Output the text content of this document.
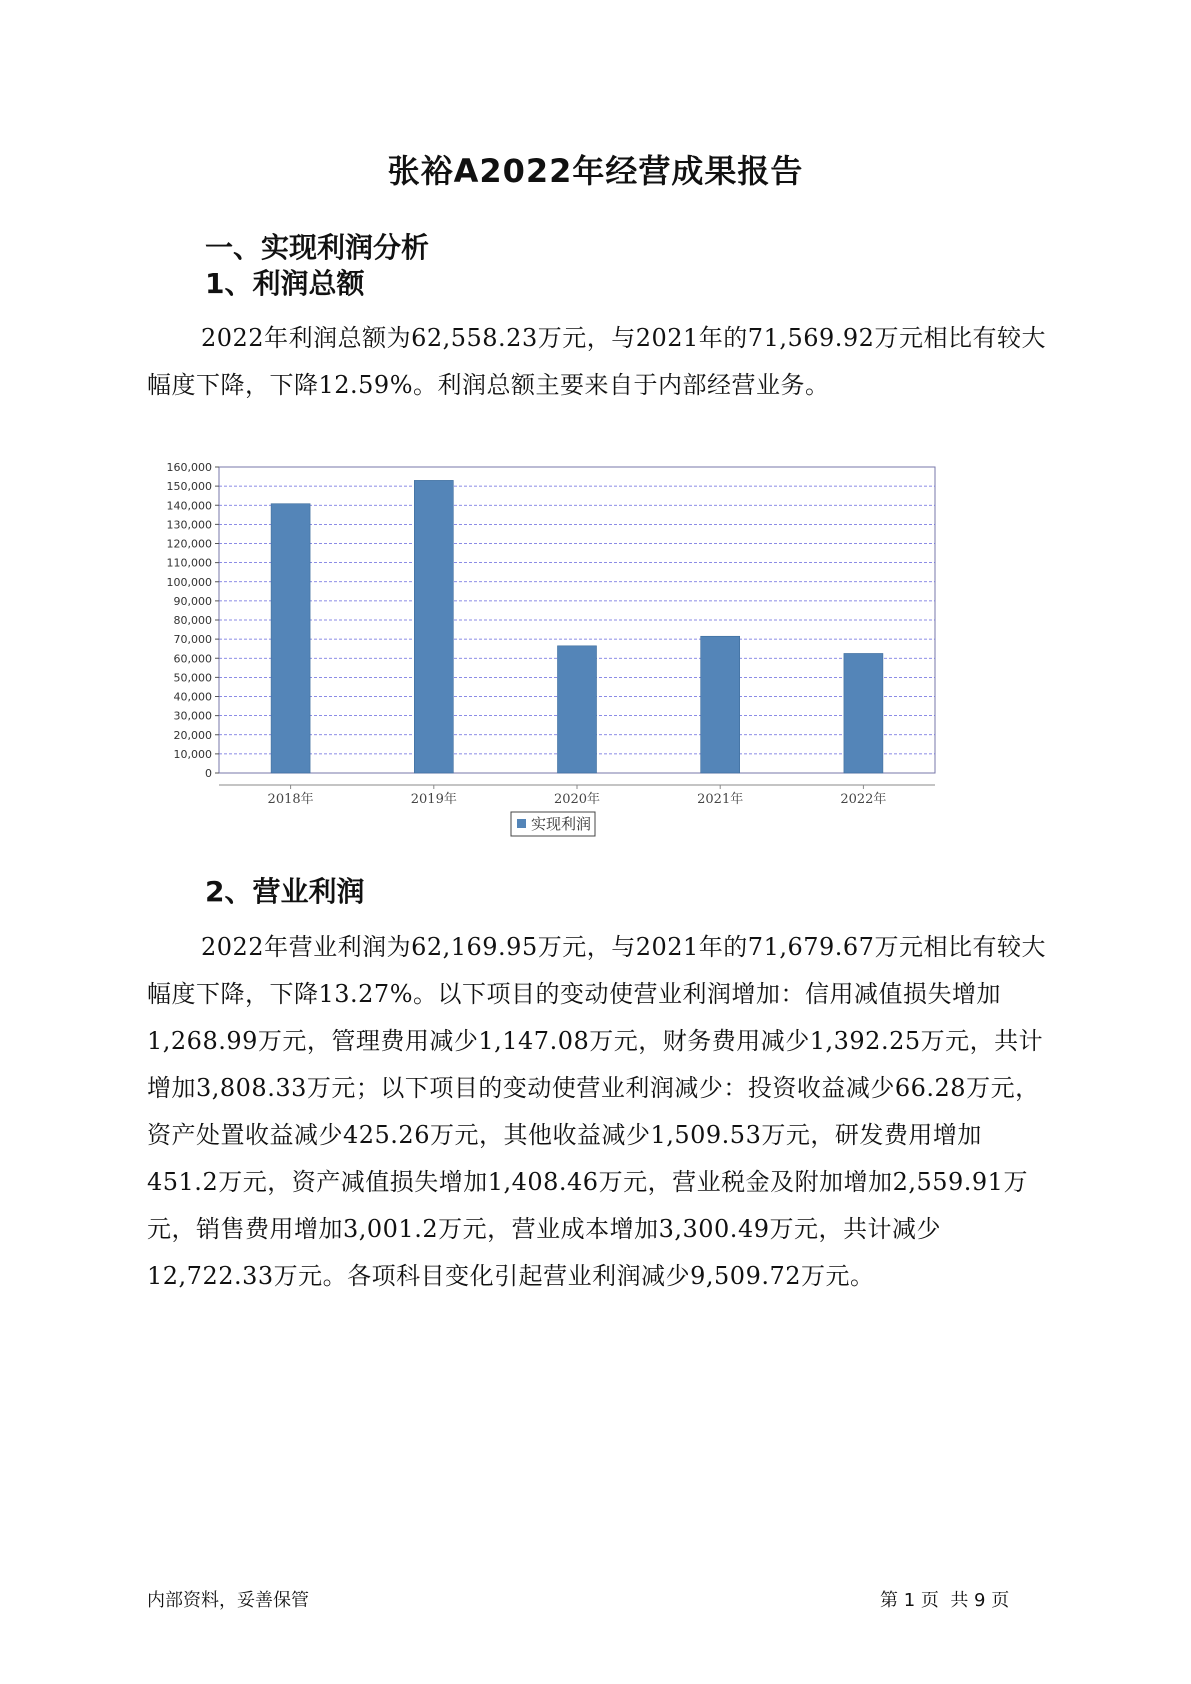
张裕A2022年经营成果报告
一、实现利润分析
1、利润总额

2022年利润总额为62,558.23万元，与2021年的71,569.92万元相比有较大幅度下降，下降12.59%。利润总额主要来自于内部经营业务。

0
10,000
20,000
30,000
40,000
50,000
60,000
70,000
80,000
90,000
100,000
110,000
120,000
130,000
140,000
150,000
160,000
2018年	2019年	2020年	2021年	2022年
实现利润
2、营业利润

2022年营业利润为62,169.95万元，与2021年的71,679.67万元相比有较大幅度下降，下降13.27%。以下项目的变动使营业利润增加：信用减值损失增加1,268.99万元，管理费用减少1,147.08万元，财务费用减少1,392.25万元，共计增加3,808.33万元；以下项目的变动使营业利润减少：投资收益减少66.28万元，资产处置收益减少425.26万元，其他收益减少1,509.53万元，研发费用增加451.2万元，资产减值损失增加1,408.46万元，营业税金及附加增加2,559.91万元，销售费用增加3,001.2万元，营业成本增加3,300.49万元，共计减少12,722.33万元。各项科目变化引起营业利润减少9,509.72万元。

内部资料，妥善保管	第 1 页  共 9 页
